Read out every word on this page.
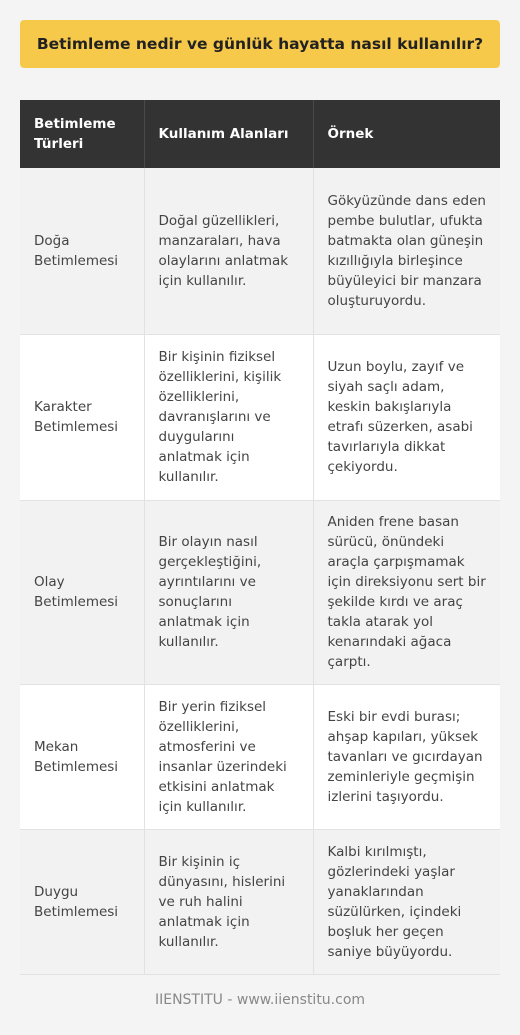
Betimleme nedir ve günlük hayatta nasıl kullanılır?
Betimleme Türleri	Kullanım Alanları	Örnek
Doğa Betimlemesi	Doğal güzellikleri, manzaraları, hava olaylarını anlatmak için kullanılır.	Gökyüzünde dans eden pembe bulutlar, ufukta batmakta olan güneşin kızıllığıyla birleşince büyüleyici bir manzara oluşturuyordu.
Karakter Betimlemesi	Bir kişinin fiziksel özelliklerini, kişilik özelliklerini, davranışlarını ve duygularını anlatmak için kullanılır.	Uzun boylu, zayıf ve siyah saçlı adam, keskin bakışlarıyla etrafı süzerken, asabi tavırlarıyla dikkat çekiyordu.
Olay Betimlemesi	Bir olayın nasıl gerçekleştiğini, ayrıntılarını ve sonuçlarını anlatmak için kullanılır.	Aniden frene basan sürücü, önündeki araçla çarpışmamak için direksiyonu sert bir şekilde kırdı ve araç takla atarak yol kenarındaki ağaca çarptı.
Mekan Betimlemesi	Bir yerin fiziksel özelliklerini, atmosferini ve insanlar üzerindeki etkisini anlatmak için kullanılır.	Eski bir evdi burası; ahşap kapıları, yüksek tavanları ve gıcırdayan zeminleriyle geçmişin izlerini taşıyordu.
Duygu Betimlemesi	Bir kişinin iç dünyasını, hislerini ve ruh halini anlatmak için kullanılır.	Kalbi kırılmıştı, gözlerindeki yaşlar yanaklarından süzülürken, içindeki boşluk her geçen saniye büyüyordu.
IIENSTITU - www.iienstitu.com
